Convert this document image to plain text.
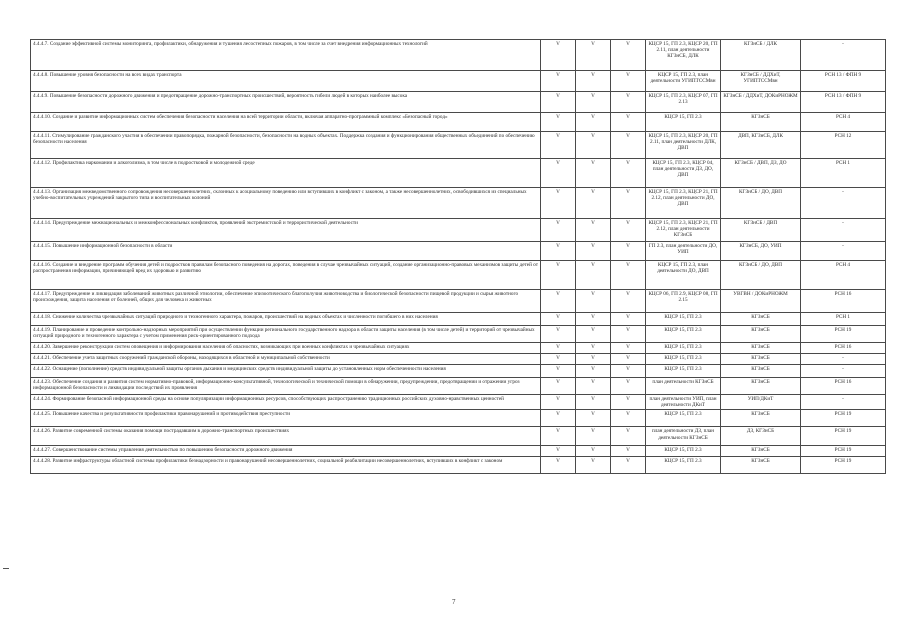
4.4.4.7. Создание эффективной системы мониторинга, профилактики, обнаружения и тушения лесостепных пожаров, в том числе за счет внедрения информационных технологий	V	V	V	КЦСР 15, ГП 2.3, КЦСР 20, ГП 2.11, план деятельности КГЗнСБ, ДЛК	КГЗнСБ / ДЛК	-
4.4.4.8. Повышение уровня безопасности на всех видах транспорта	V	V	V	КЦСР 15, ГП 2.3, план деятельности УГИПТССМвн	КГЗнСБ / ДДХиТ, УГИПТССМвн	РСН 13 / ФПН 9
4.4.4.9. Повышение безопасности дорожного движения и предотвращение дорожно-транспортных происшествий, вероятность гибели людей в которых наиболее высока	V	V	V	КЦСР 15, ГП 2.3, КЦСР 07, ГП 2.13	КГЗнСБ / ДДХиТ, ДОКиРНОЖМ	РСН 13 / ФПН 9
4.4.4.10. Создание и развитие информационных систем обеспечения безопасности населения на всей территории области, включая аппаратно-программный комплекс «Безопасный город»	V	V	V	КЦСР 15, ГП 2.3	КГЗнСБ	РСН 4
4.4.4.11. Стимулирование гражданского участия в обеспечении правопорядка, пожарной безопасности, безопасности на водных объектах. Поддержка создания и функционирования общественных объединений по обеспечению безопасности населения	V	V	V	КЦСР 15, ГП 2.3, КЦСР 20, ГП 2.11, план деятельности ДЛК, ДВП	ДВП, КГЗнСБ, ДЛК	РСН 12
4.4.4.12. Профилактика наркомании и алкоголизма, в том числе в подростковой и молодежной среде	V	V	V	КЦСР 15, ГП 2.3, КЦСР 04, план деятельности ДЗ, ДО, ДВП	КГЗнСБ / ДВП, ДЗ, ДО	РСН 1
4.4.4.13. Организация межведомственного сопровождения несовершеннолетних, склонных к асоциальному поведению или вступивших в конфликт с законом, а также несовершеннолетних, освободившихся из специальных учебно-воспитательных учреждений закрытого типа и воспитательных колоний	V	V	V	КЦСР 15, ГП 2.3, КЦСР 21, ГП 2.12, план деятельности ДО, ДВП	КГЗнСБ / ДО, ДВП	-
4.4.4.14. Предупреждение межнациональных и межконфессиональных конфликтов, проявлений экстремистской и террористической деятельности	V	V	V	КЦСР 15, ГП 2.3, КЦСР 21, ГП 2.12, план деятельности КГЗнСБ	КГЗнСБ / ДВП	-
4.4.4.15. Повышение информационной безопасности в области	V	V	V	ГП 2.3, план деятельности ДО, УИП	КГЗнСБ, ДО, УИП	-
4.4.4.16. Создание и внедрение программ обучения детей и подростков правилам безопасного поведения на дорогах, поведения в случае чрезвычайных ситуаций, создание организационно-правовых механизмов защиты детей от распространения информации, причиняющей вред их здоровью и развитию	V	V	V	КЦСР 15, ГП 2.3, план деятельности ДО, ДВП	КГЗнСБ / ДО, ДВП	РСН 4
4.4.4.17. Предупреждение и ликвидация заболеваний животных различной этиологии, обеспечение эпизоотического благополучия животноводства и биологической безопасности пищевой продукции и сырья животного происхождения, защита населения от болезней, общих для человека и животных	V	V	V	КЦСР 06, ГП 2.9, КЦСР 08, ГП 2.15	УВГВН / ДОКиРНОЖМ	РСН 16
4.4.4.18. Снижение количества чрезвычайных ситуаций природного и техногенного характера, пожаров, происшествий на водных объектах и численности погибшего в них населения	V	V	V	КЦСР 15, ГП 2.3	КГЗнСБ	РСН 1
4.4.4.19. Планирование и проведение контрольно-надзорных мероприятий при осуществлении функции регионального государственного надзора в области защиты населения (в том числе детей) и территорий от чрезвычайных ситуаций природного и техногенного характера с учетом применения риск-ориентированного подхода	V	V	V	КЦСР 15, ГП 2.3	КГЗнСБ	РСН 19
4.4.4.20. Завершение реконструкции систем оповещения и информирования населения об опасностях, возникающих при военных конфликтах и чрезвычайных ситуациях	V	V	V	КЦСР 15, ГП 2.3	КГЗнСБ	РСН 16
4.4.4.21. Обеспечение учета защитных сооружений гражданской обороны, находящихся в областной и муниципальной собственности	V	V	V	КЦСР 15, ГП 2.3	КГЗнСБ	-
4.4.4.22. Оснащение (пополнение) средств индивидуальной защиты органов дыхания и медицинских средств индивидуальной защиты до установленных норм обеспеченности населения	V	V	V	КЦСР 15, ГП 2.3	КГЗнСБ	-
4.4.4.23. Обеспечение создания и развития систем нормативно-правовой, информационно-консультативной, технологической и технической помощи в обнаружении, предупреждении, предотвращении и отражении угроз информационной безопасности и ликвидации последствий их проявления	V	V	V	план деятельности КГЗнСБ	КГЗнСБ	РСН 16
4.4.4.24. Формирование безопасной информационной среды на основе популяризации информационных ресурсов, способствующих распространению традиционных российских духовно-нравственных ценностей	V	V	V	план деятельности УИП, план деятельности ДКиТ	УИП/ДКиТ	-
4.4.4.25. Повышение качества и результативности профилактики правонарушений и противодействия преступности	V	V	V	КЦСР 15, ГП 2.3	КГЗнСБ	РСН 19
4.4.4.26. Развитие современной системы оказания помощи пострадавшим в дорожно-транспортных происшествиях	V	V	V	план деятельности ДЗ, план деятельности КГЗнСБ	ДЗ, КГЗнСБ	РСН 19
4.4.4.27. Совершенствование системы управления деятельностью по повышению безопасности дорожного движения	V	V	V	КЦСР 15, ГП 2.3	КГЗнСБ	РСН 19
4.4.4.28. Развитие инфраструктуры областной системы профилактики безнадзорности и правонарушений несовершеннолетних, социальной реабилитации несовершеннолетних, вступивших в конфликт с законом	V	V	V	КЦСР 15, ГП 2.3	КГЗнСБ	РСН 19
7
